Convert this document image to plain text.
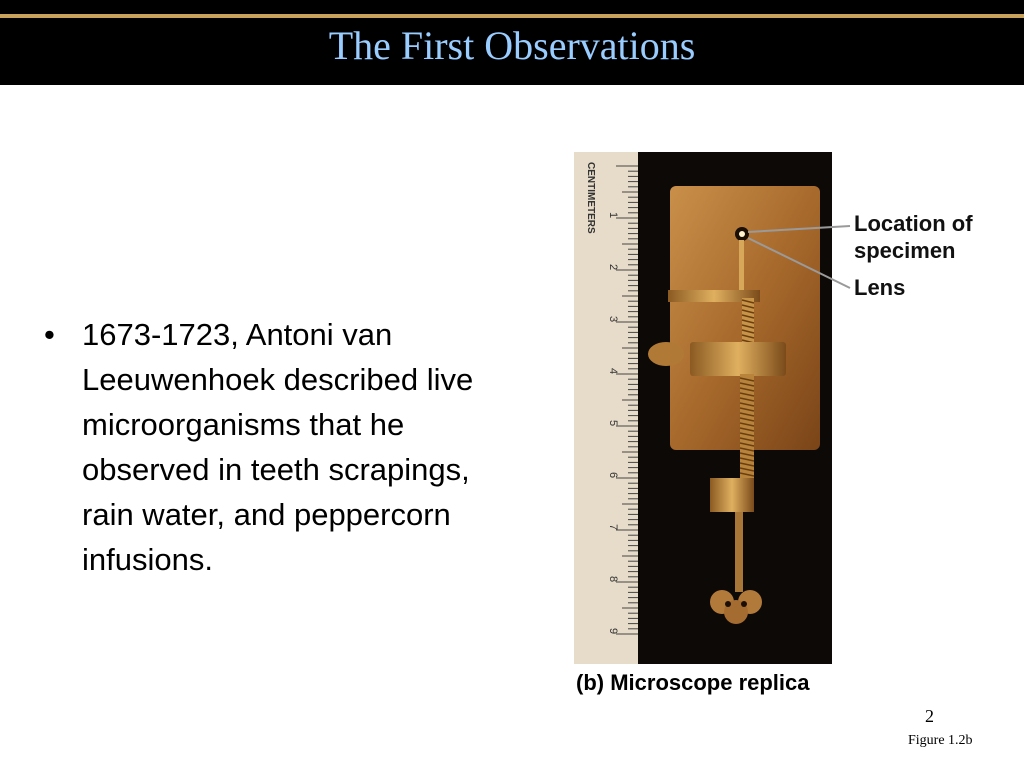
The First Observations
• 1673-1723, Antoni van Leeuwenhoek described live microorganisms that he observed in teeth scrapings, rain water, and peppercorn infusions.
1
2
3
4
5
6
7
8
9
CENTIMETERS	Location of
specimen
Lens
(b) Microscope replica
2
Figure 1.2b
